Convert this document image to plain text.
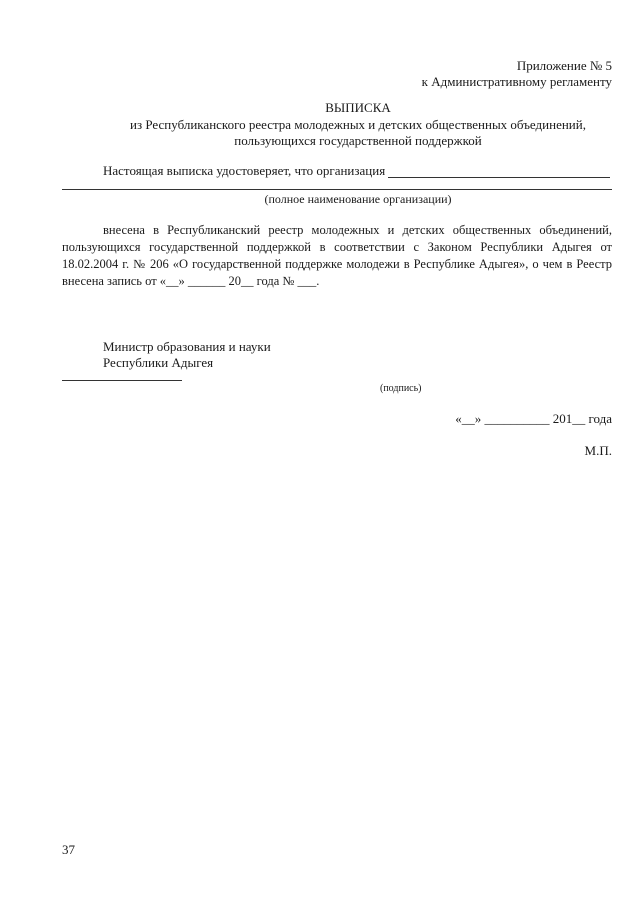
Приложение № 5
к Административному регламенту
ВЫПИСКА
из Республиканского реестра молодежных и детских общественных объединений,
пользующихся государственной поддержкой
Настоящая выписка удостоверяет, что организация
(полное наименование организации)

внесена в Республиканский реестр молодежных и детских общественных объединений, пользующихся государственной поддержкой в соответствии с Законом Республики Адыгея от 18.02.2004 г. № 206 «О государственной поддержке молодежи в Республике Адыгея», о чем в Реестр внесена запись от «__» ______ 20__ года № ___.

Министр образования и науки
Республики Адыгея
(подпись)
«__» __________ 201__ года
М.П.
37
